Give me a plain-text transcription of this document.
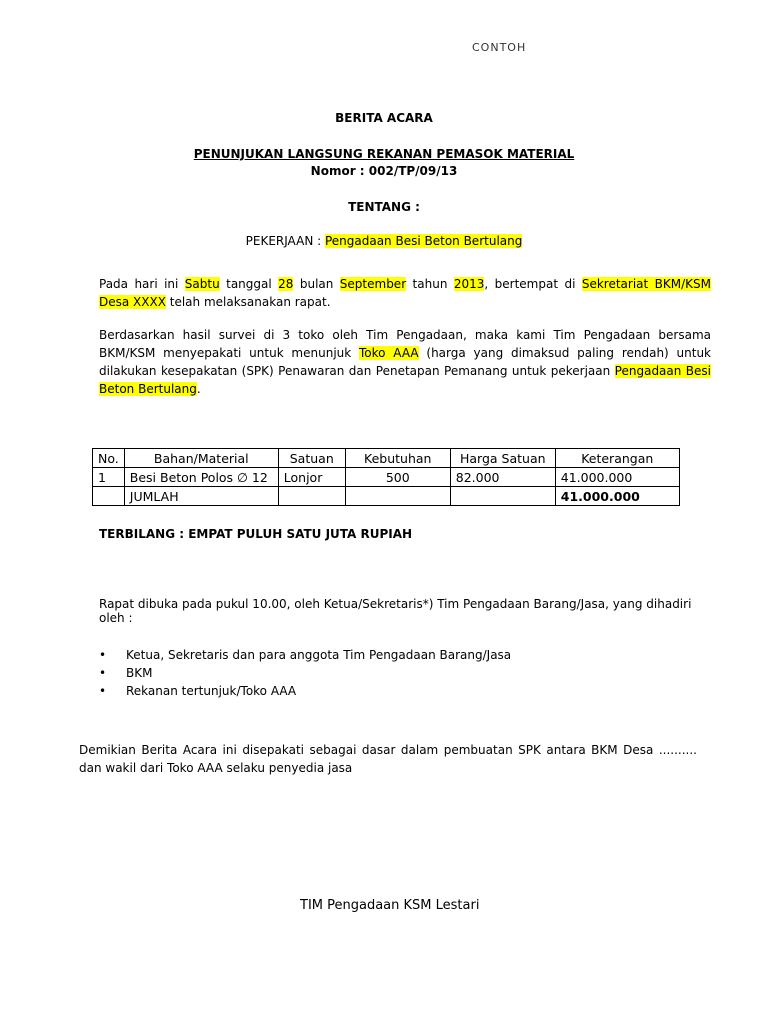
CONTOH
BERITA ACARA
PENUNJUKAN LANGSUNG REKANAN PEMASOK MATERIAL
Nomor : 002/TP/09/13
TENTANG :
PEKERJAAN : Pengadaan Besi Beton Bertulang
Pada hari ini Sabtu tanggal 28 bulan September tahun 2013, bertempat di Sekretariat BKM/KSM Desa XXXX telah melaksanakan rapat.
Berdasarkan hasil survei di 3 toko oleh Tim Pengadaan, maka kami Tim Pengadaan bersama BKM/KSM menyepakati untuk menunjuk Toko AAA (harga yang dimaksud paling rendah) untuk dilakukan kesepakatan (SPK) Penawaran dan Penetapan Pemanang untuk pekerjaan Pengadaan Besi Beton Bertulang.
No.	Bahan/Material	Satuan	Kebutuhan	Harga Satuan	Keterangan
1	Besi Beton Polos ∅ 12	Lonjor	500	82.000	41.000.000
	JUMLAH				41.000.000
TERBILANG : EMPAT PULUH SATU JUTA RUPIAH
Rapat dibuka pada pukul 10.00, oleh Ketua/Sekretaris*) Tim Pengadaan Barang/Jasa, yang dihadiri oleh :
• Ketua, Sekretaris dan para anggota Tim Pengadaan Barang/Jasa
• BKM
• Rekanan tertunjuk/Toko AAA
Demikian Berita Acara ini disepakati sebagai dasar dalam pembuatan SPK antara BKM Desa .......... dan wakil dari Toko AAA selaku penyedia jasa
TIM Pengadaan KSM Lestari
